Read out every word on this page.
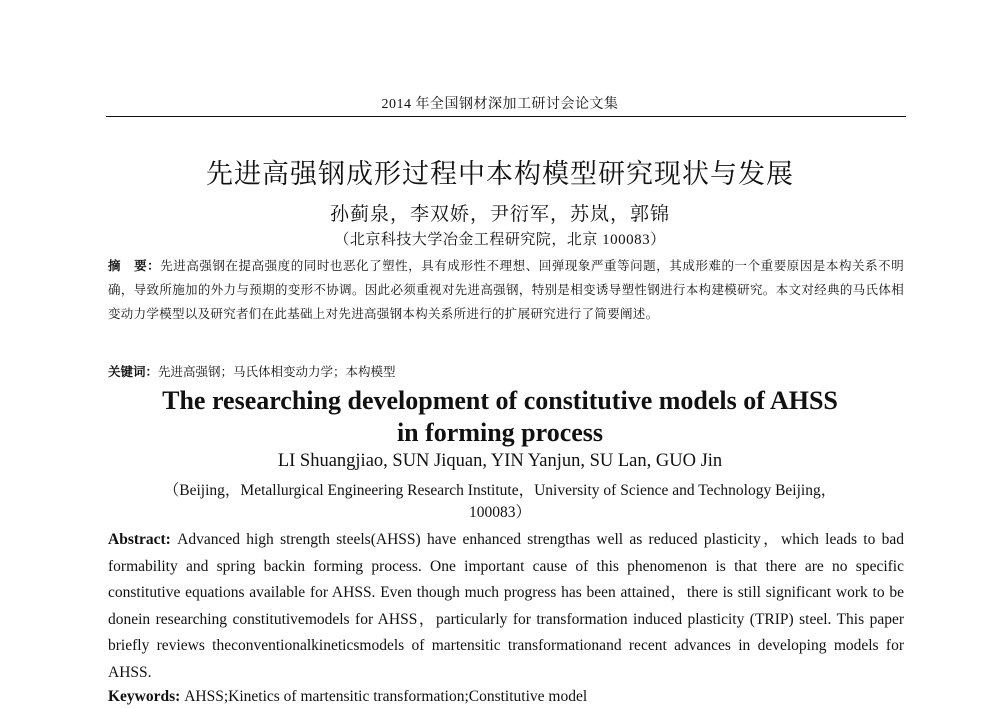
2014 年全国钢材深加工研讨会论文集
先进高强钢成形过程中本构模型研究现状与发展
孙蓟泉，李双娇，尹衍军，苏岚，郭锦
（北京科技大学冶金工程研究院，北京 100083）
摘　要：先进高强钢在提高强度的同时也恶化了塑性，具有成形性不理想、回弹现象严重等问题，其成形难的一个重要原因是本构关系不明确，导致所施加的外力与预期的变形不协调。因此必须重视对先进高强钢，特别是相变诱导塑性钢进行本构建模研究。本文对经典的马氏体相变动力学模型以及研究者们在此基础上对先进高强钢本构关系所进行的扩展研究进行了简要阐述。
关键词：先进高强钢；马氏体相变动力学；本构模型
The researching development of constitutive models of AHSS
in forming process
LI Shuangjiao, SUN Jiquan, YIN Yanjun, SU Lan, GUO Jin
（Beijing，Metallurgical Engineering Research Institute，University of Science and Technology Beijing，
100083）
Abstract: Advanced high strength steels(AHSS) have enhanced strengthas well as reduced plasticity，which leads to bad formability and spring backin forming process. One important cause of this phenomenon is that there are no specific constitutive equations available for AHSS. Even though much progress has been attained，there is still significant work to be donein researching constitutivemodels for AHSS，particularly for transformation induced plasticity (TRIP) steel. This paper briefly reviews theconventionalkineticsmodels of martensitic transformationand recent advances in developing models for AHSS.
Keywords: AHSS;Kinetics of martensitic transformation;Constitutive model
